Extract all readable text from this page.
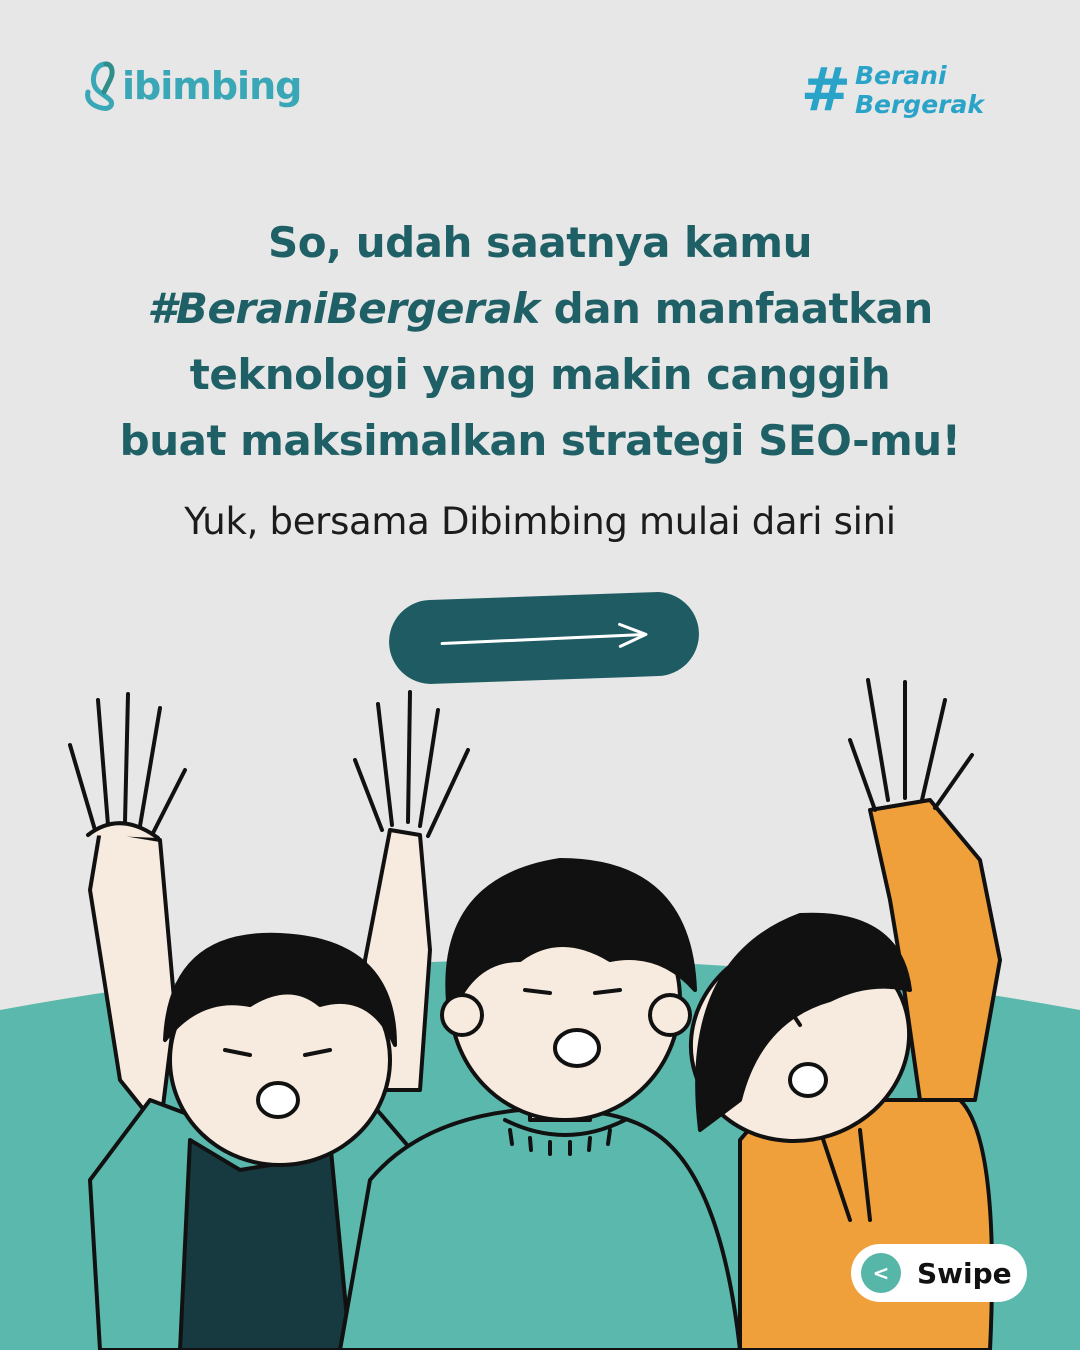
ibimbing	# Berani
Bergerak
So, udah saatnya kamu
#BeraniBergerak dan manfaatkan
teknologi yang makin canggih
buat maksimalkan strategi SEO-mu!
Yuk, bersama Dibimbing mulai dari sini
< Swipe
